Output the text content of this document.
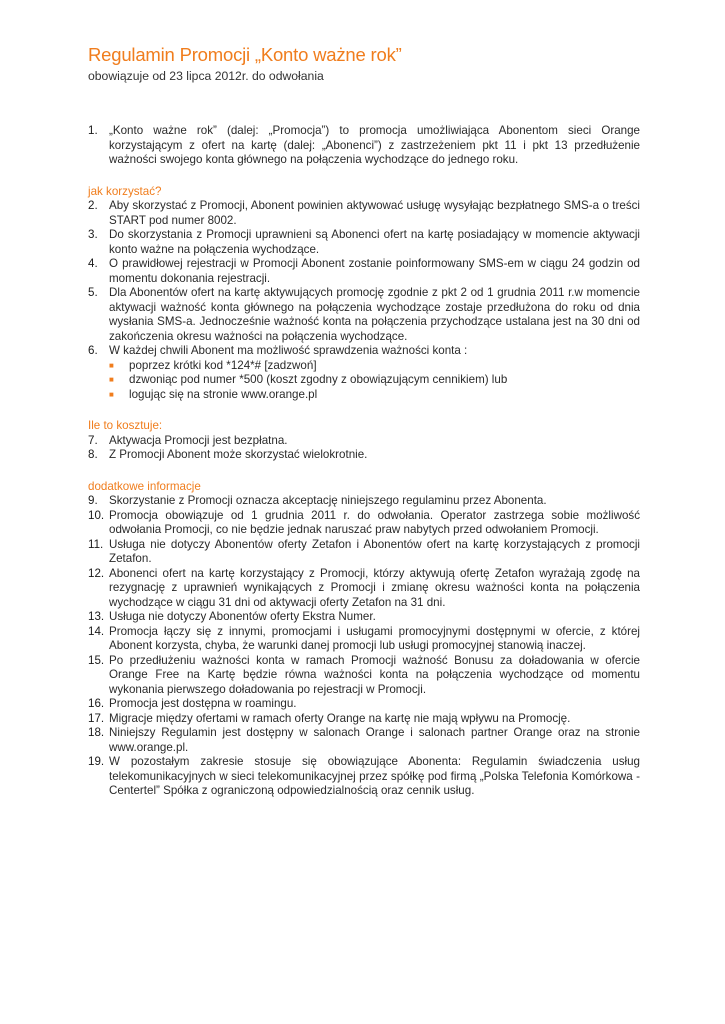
Regulamin Promocji „Konto ważne rok”

obowiązuje od 23 lipca 2012r. do odwołania

1. „Konto ważne rok” (dalej: „Promocja”) to promocja umożliwiająca Abonentom sieci Orange korzystającym z ofert na kartę (dalej: „Abonenci”) z zastrzeżeniem pkt 11 i pkt 13 przedłużenie ważności swojego konta głównego na połączenia wychodzące do jednego roku.
jak korzystać?
2. Aby skorzystać z Promocji, Abonent powinien aktywować usługę wysyłając bezpłatnego SMS-a o treści START pod numer 8002.
3. Do skorzystania z Promocji uprawnieni są Abonenci ofert na kartę posiadający w momencie aktywacji konto ważne na połączenia wychodzące.
4. O prawidłowej rejestracji w Promocji Abonent zostanie poinformowany SMS-em w ciągu 24 godzin od momentu dokonania rejestracji.
5. Dla Abonentów ofert na kartę aktywujących promocję zgodnie z pkt 2 od 1 grudnia 2011 r.w momencie aktywacji ważność konta głównego na połączenia wychodzące zostaje przedłużona do roku od dnia wysłania SMS-a. Jednocześnie ważność konta na połączenia przychodzące ustalana jest na 30 dni od zakończenia okresu ważności na połączenia wychodzące.
6. W każdej chwili Abonent ma możliwość sprawdzenia ważności konta :
■	poprzez krótki kod *124*# [zadzwoń]
■	dzwoniąc pod numer *500 (koszt zgodny z obowiązującym cennikiem) lub
■	logując się na stronie www.orange.pl
Ile to kosztuje:
7. Aktywacja Promocji jest bezpłatna.
8. Z Promocji Abonent może skorzystać wielokrotnie.
dodatkowe informacje
9. Skorzystanie z Promocji oznacza akceptację niniejszego regulaminu przez Abonenta.
10. Promocja obowiązuje od 1 grudnia 2011 r. do odwołania. Operator zastrzega sobie możliwość odwołania Promocji, co nie będzie jednak naruszać praw nabytych przed odwołaniem Promocji.
11. Usługa nie dotyczy Abonentów oferty Zetafon i Abonentów ofert na kartę korzystających z promocji Zetafon.
12. Abonenci ofert na kartę korzystający z Promocji, którzy aktywują ofertę Zetafon wyrażają zgodę na rezygnację z uprawnień wynikających z Promocji i zmianę okresu ważności konta na połączenia wychodzące w ciągu 31 dni od aktywacji oferty Zetafon na 31 dni.
13. Usługa nie dotyczy Abonentów oferty Ekstra Numer.
14. Promocja łączy się z innymi, promocjami i usługami promocyjnymi dostępnymi w ofercie, z której Abonent korzysta, chyba, że warunki danej promocji lub usługi promocyjnej stanowią inaczej.
15. Po przedłużeniu ważności konta w ramach Promocji ważność Bonusu za doładowania w ofercie Orange Free na Kartę będzie równa ważności konta na połączenia wychodzące od momentu wykonania pierwszego doładowania po rejestracji w Promocji.
16. Promocja jest dostępna w roamingu.
17. Migracje między ofertami w ramach oferty Orange na kartę nie mają wpływu na Promocję.
18. Niniejszy Regulamin jest dostępny w salonach Orange i salonach partner Orange oraz na stronie www.orange.pl.
19. W pozostałym zakresie stosuje się obowiązujące Abonenta: Regulamin świadczenia usług telekomunikacyjnych w sieci telekomunikacyjnej przez spółkę pod firmą „Polska Telefonia Komórkowa - Centertel” Spółka z ograniczoną odpowiedzialnością oraz cennik usług.
